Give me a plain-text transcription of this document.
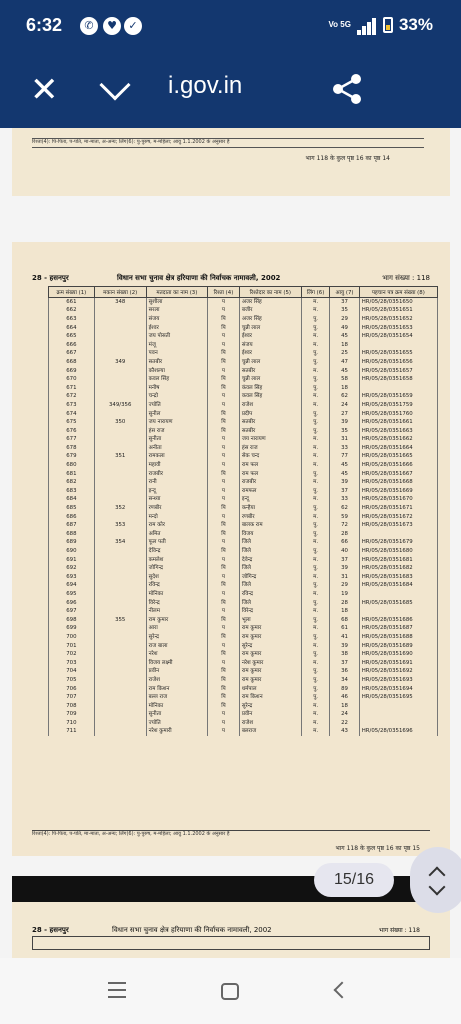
6:32	✆	♥	✓	Vo 5G	33%
✕	i.gov.in
रिश्ता(4): पि-पिता, प-पति, मा-माता, अ-अन्य; लिंग(6): पु-पुरुष, म-महिला; आयु 1.1.2002 के अनुसार है
भाग 118 के कुल पृष्ठ 16 का पृष्ठ 14
28 - हसनपुर	विधान सभा चुनाव क्षेत्र हरियाणा की निर्वाचक नामावली, 2002	भाग संख्या : 118
क्रम संख्या (1)	मकान संख्या (2)	मतदाता का नाम (3)	रिश्ता (4)	रिश्तेदार का नाम (5)	लिंग (6)	आयु (7)	पहचान पत्र क्रम संख्या (8)
661	348	सुशीला	प	अजर सिंह	म.	37	HR/05/28/0351650
662		सरला	प	बजीर	म.	35	HR/05/28/0351651
663		संजय	पि	अजर सिंह	पु.	29	HR/05/28/0351652
664		ईश्वर	पि	चुन्नी लाल	पु.	49	HR/05/28/0351653
665		जय पोसती	प	ईश्वर	म.	45	HR/05/28/0351654
666		मंजू	प	संजय	म.	18	
667		पवन	पि	ईश्वर	पु.	25	HR/05/28/0351655
668	349	सतबीर	पि	चुन्नी लाल	पु.	47	HR/05/28/0351656
669		कौशल्या	प	सतबीर	म.	45	HR/05/28/0351657
670		कवल सिंह	पि	चुन्नी लाल	पु.	58	HR/05/28/0351658
671		मनीष	पि	कंवल सिंह	पु.	18	
672		चन्द्रो	प	कवल सिंह	म.	62	HR/05/28/0351659
673	349/356	ज्योति	प	राजेश	म.	24	HR/05/28/0351759
674		सुनील	पि	प्रदीप	पु.	27	HR/05/28/0351760
675	350	जय नारायण	पि	सतबीर	पु.	39	HR/05/28/0351661
676		हंस राज	पि	सतबीर	पु.	35	HR/05/28/0351663
677		सुनीता	प	जय नारायण	म.	31	HR/05/28/0351662
678		अनीता	प	हंस राज	म.	33	HR/05/28/0351664
679	351	रामकला	प	सेक चन्द	म.	77	HR/05/28/0351665
680		महावी	प	राम फल	म.	45	HR/05/28/0351666
681		राजबीर	पि	राम फल	पु.	45	HR/05/28/0351667
682		रानी	प	राजबीर	म.	39	HR/05/28/0351668
683		इन्दू	प	रामफल	पु.	37	HR/05/28/0351669
684		सन्ध्या	प	इन्दू	म.	33	HR/05/28/0351670
685	352	रणबीर	पि	कन्हैया	पु.	62	HR/05/28/0351671
686		मन्दो	प	रणबीर	म.	59	HR/05/28/0351672
687	353	राम कोर	पि	बालक राम	पु.	72	HR/05/28/0351673
688		अमित	पि	विजय	पु.	28	
689	354	फूल पती	प	जिले	म.	66	HR/05/28/0351679
690		देविन्द्र	पि	जिले	पु.	40	HR/05/28/0351680
691		कमलेश	प	देवेन्द्र	म.	37	HR/05/28/0351681
692		जोगिन्द्र	पि	जिले	पु.	39	HR/05/28/0351682
693		सुदेश	प	जोगिन्द्र	म.	31	HR/05/28/0351683
694		रविन्द्र	पि	जिले	पु.	29	HR/05/28/0351684
695		मोनिका	प	रविन्द्र	म.	19	
696		विरेन्द्र	पि	जिले	पु.	28	HR/05/28/0351685
697		नीलम	प	विरेन्द्र	म.	18	
698	355	राम कुमार	पि	भूला	पु.	68	HR/05/28/0351686
699		आरा	प	राम कुमार	म.	61	HR/05/28/0351687
700		सुरेन्द्र	पि	राम कुमार	पु.	41	HR/05/28/0351688
701		राज बाला	प	सुरेन्द्र	म.	39	HR/05/28/0351689
702		नरेश	पि	राम कुमार	पु.	38	HR/05/28/0351690
703		विजय लक्ष्मी	प	नरेश कुमार	म.	37	HR/05/28/0351691
704		प्रवीन	पि	राम कुमार	पु.	36	HR/05/28/0351692
705		राजेश	पि	राम कुमार	पु.	34	HR/05/28/0351693
706		राम किशन	पि	धर्मपाल	पु.	89	HR/05/28/0351694
707		बल्ल राज	पि	राम किशन	पु.	46	HR/05/28/0351695
708		मोनिका	पि	सुरेन्द्र	म.	18	
709		सुनीता	प	प्रवीन	म.	24	
710		ज्योति	प	राजेश	म.	22	
711		नरेश कुमारी	प	बलराज	म.	43	HR/05/28/0351696
रिश्ता(4): पि-पिता, प-पति, मा-माता, अ-अन्य; लिंग(6): पु-पुरुष, म-महिला; आयु 1.1.2002 के अनुसार है
भाग 118 के कुल पृष्ठ 16 का पृष्ठ 15
28 - हसनपुर	विधान सभा चुनाव क्षेत्र हरियाणा की निर्वाचक नामावली, 2002	भाग संख्या : 118
15/16
